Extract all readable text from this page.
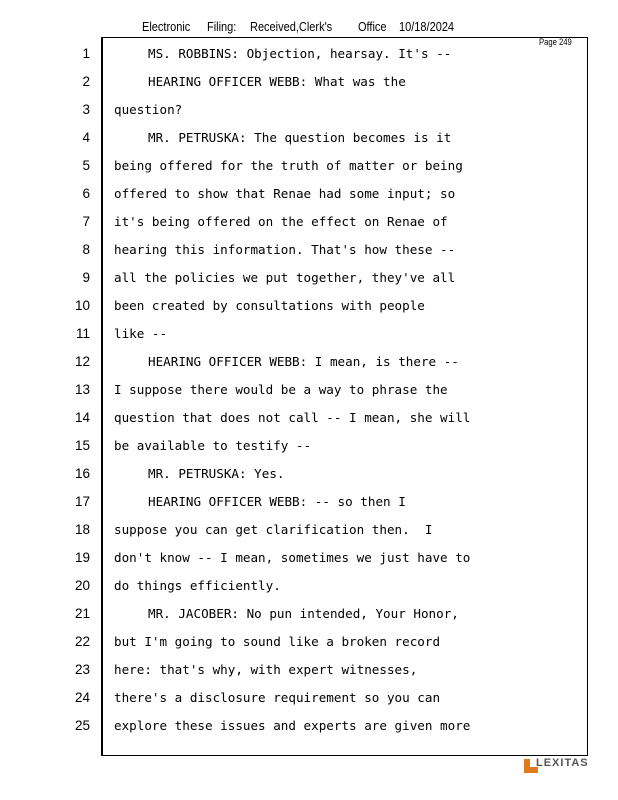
Electronic Filing: Received,Clerk's Office 10/18/2024
Page 249
1	MS. ROBBINS: Objection, hearsay. It's --
2	HEARING OFFICER WEBB: What was the
3 question?
4	MR. PETRUSKA: The question becomes is it
5 being offered for the truth of matter or being
6 offered to show that Renae had some input; so
7 it's being offered on the effect on Renae of
8 hearing this information. That's how these --
9 all the policies we put together, they've all
10 been created by consultations with people
11 like --
12	HEARING OFFICER WEBB: I mean, is there --
13 I suppose there would be a way to phrase the
14 question that does not call -- I mean, she will
15 be available to testify --
16	MR. PETRUSKA: Yes.
17	HEARING OFFICER WEBB: -- so then I
18 suppose you can get clarification then.  I
19 don't know -- I mean, sometimes we just have to
20 do things efficiently.
21	MR. JACOBER: No pun intended, Your Honor,
22 but I'm going to sound like a broken record
23 here: that's why, with expert witnesses,
24 there's a disclosure requirement so you can
25 explore these issues and experts are given more
LEXITAS
